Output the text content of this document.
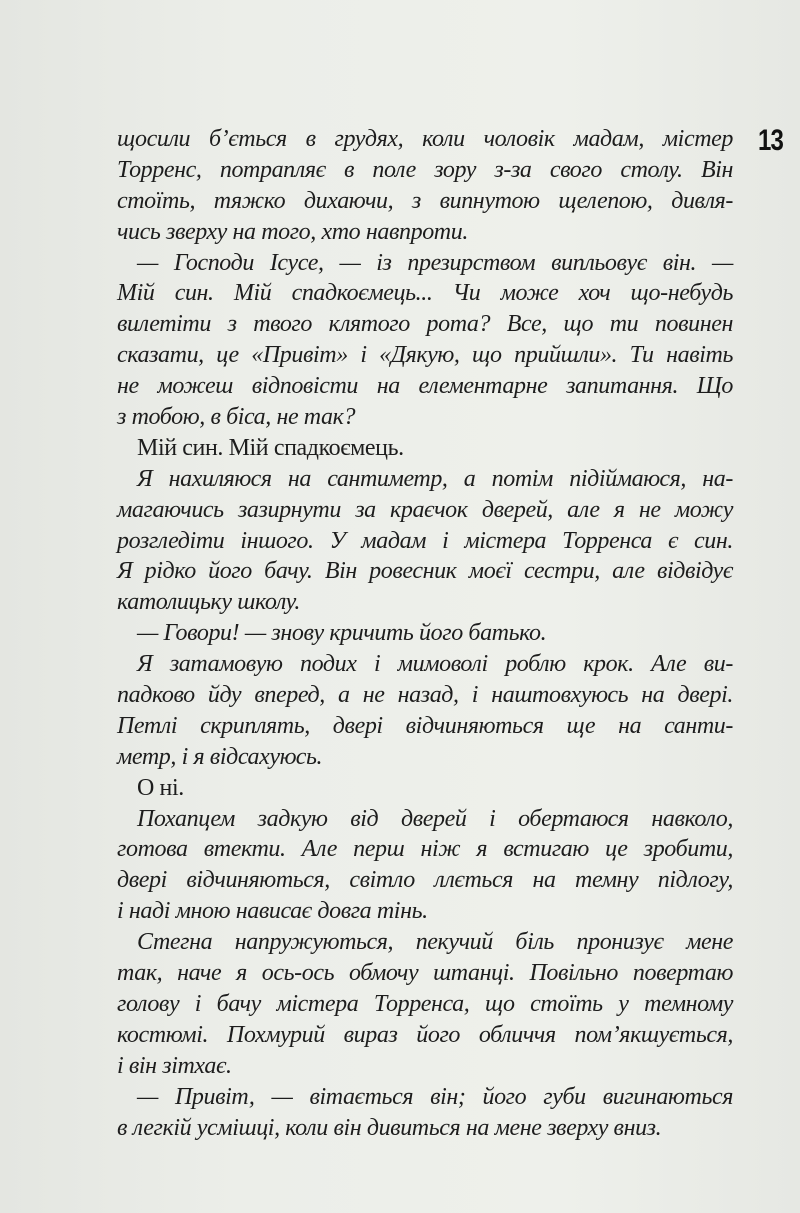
13
щосили б’ється в грудях, коли чоловік мадам, містер
Торренс, потрапляє в поле зору з-за свого столу. Він
стоїть, тяжко дихаючи, з випнутою щелепою, дивля-
чись зверху на того, хто навпроти.
— Господи Ісусе, — із презирством випльовує він. —
Мій син. Мій спадкоємець... Чи може хоч що-небудь
вилетіти з твого клятого рота? Все, що ти повинен
сказати, це «Привіт» і «Дякую, що прийшли». Ти навіть
не можеш відповісти на елементарне запитання. Що
з тобою, в біса, не так?
Мій син. Мій спадкоємець.
Я нахиляюся на сантиметр, а потім підіймаюся, на-
магаючись зазирнути за краєчок дверей, але я не можу
розгледіти іншого. У мадам і містера Торренса є син.
Я рідко його бачу. Він ровесник моєї сестри, але відвідує
католицьку школу.
— Говори! — знову кричить його батько.
Я затамовую подих і мимоволі роблю крок. Але ви-
падково йду вперед, а не назад, і наштовхуюсь на двері.
Петлі скриплять, двері відчиняються ще на санти-
метр, і я відсахуюсь.
О ні.
Похапцем задкую від дверей і обертаюся навколо,
готова втекти. Але перш ніж я встигаю це зробити,
двері відчиняються, світло ллється на темну підлогу,
і наді мною нависає довга тінь.
Стегна напружуються, пекучий біль пронизує мене
так, наче я ось-ось обмочу штанці. Повільно повертаю
голову і бачу містера Торренса, що стоїть у темному
костюмі. Похмурий вираз його обличчя пом’якшується,
і він зітхає.
— Привіт, — вітається він; його губи вигинаються
в легкій усмішці, коли він дивиться на мене зверху вниз.
